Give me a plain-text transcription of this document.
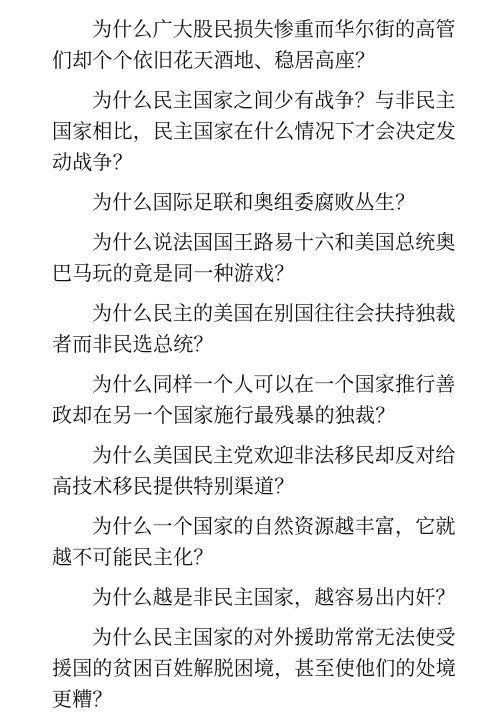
为什么广大股民损失惨重而华尔街的高管们却个个依旧花天酒地、稳居高座？

为什么民主国家之间少有战争？与非民主国家相比，民主国家在什么情况下才会决定发动战争？

为什么国际足联和奥组委腐败丛生？

为什么说法国国王路易十六和美国总统奥巴马玩的竟是同一种游戏？

为什么民主的美国在别国往往会扶持独裁者而非民选总统？

为什么同样一个人可以在一个国家推行善政却在另一个国家施行最残暴的独裁？

为什么美国民主党欢迎非法移民却反对给高技术移民提供特别渠道？

为什么一个国家的自然资源越丰富，它就越不可能民主化？

为什么越是非民主国家，越容易出内奸？

为什么民主国家的对外援助常常无法使受援国的贫困百姓解脱困境，甚至使他们的处境更糟？
